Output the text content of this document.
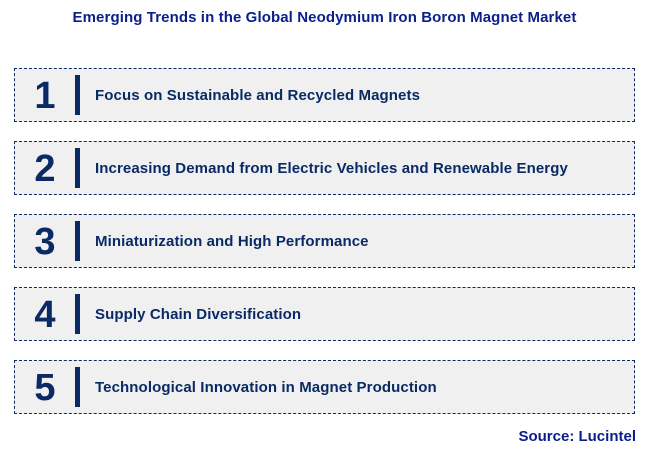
Emerging Trends in the Global Neodymium Iron Boron Magnet Market
1	Focus on Sustainable and Recycled Magnets
2	Increasing Demand from Electric Vehicles and Renewable Energy
3	Miniaturization and High Performance
4	Supply Chain Diversification
5	Technological Innovation in Magnet Production
Source: Lucintel
